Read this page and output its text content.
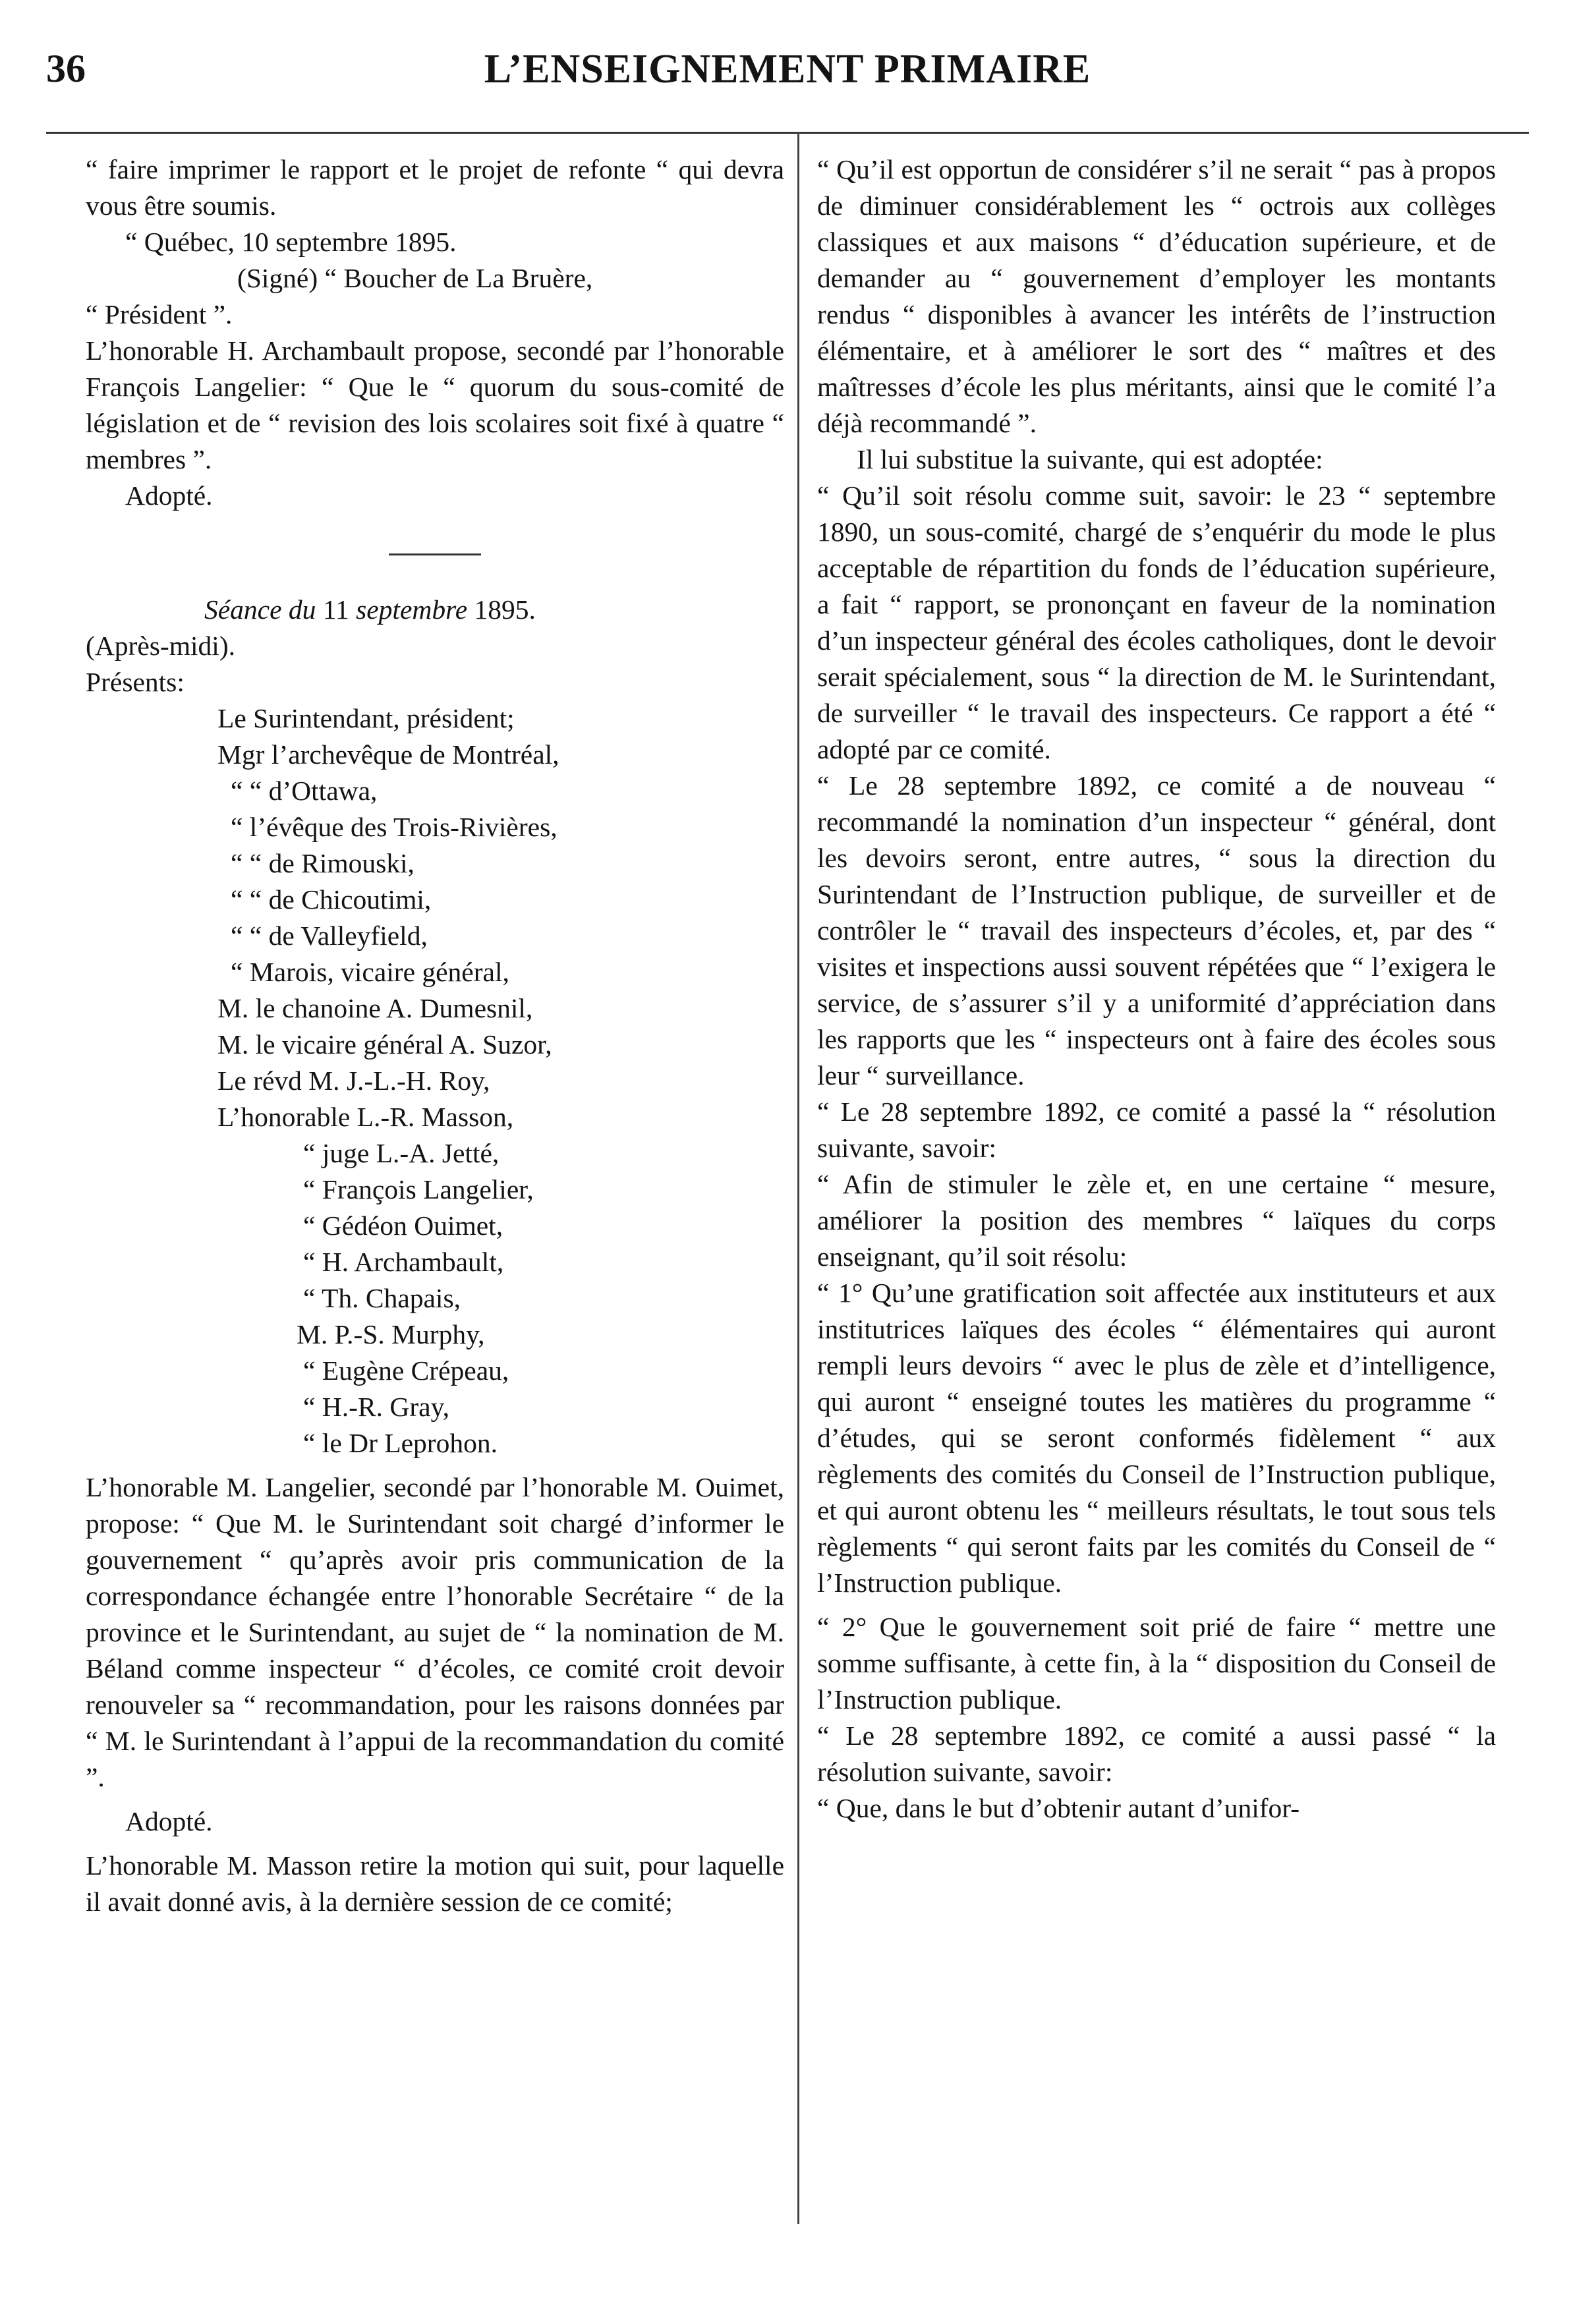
36	L’ENSEIGNEMENT PRIMAIRE

“ faire imprimer le rapport et le projet de refonte “ qui devra vous être soumis.

“ Québec, 10 septembre 1895.

(Signé) “ Boucher de La Bruère,

“ Président ”.

L’honorable H. Archambault propose, secondé par l’honorable François Langelier: “ Que le “ quorum du sous-comité de législation et de “ revision des lois scolaires soit fixé à quatre “ membres ”.

Adopté.

Séance du 11 septembre 1895.

(Après-midi).

Présents:

Le Surintendant, président;
Mgr l’archevêque de Montréal,
“ “ d’Ottawa,
“ l’évêque des Trois-Rivières,
“ “ de Rimouski,
“ “ de Chicoutimi,
“ “ de Valleyfield,
“ Marois, vicaire général,
M. le chanoine A. Dumesnil,
M. le vicaire général A. Suzor,
Le révd M. J.-L.-H. Roy,
L’honorable L.-R. Masson,
“ juge L.-A. Jetté,
“ François Langelier,
“ Gédéon Ouimet,
“ H. Archambault,
“ Th. Chapais,
M. P.-S. Murphy,
“ Eugène Crépeau,
“ H.-R. Gray,
“ le Dr Leprohon.

L’honorable M. Langelier, secondé par l’honorable M. Ouimet, propose: “ Que M. le Surintendant soit chargé d’informer le gouvernement “ qu’après avoir pris communication de la correspondance échangée entre l’honorable Secrétaire “ de la province et le Surintendant, au sujet de “ la nomination de M. Béland comme inspecteur “ d’écoles, ce comité croit devoir renouveler sa “ recommandation, pour les raisons données par “ M. le Surintendant à l’appui de la recommandation du comité ”.

Adopté.

L’honorable M. Masson retire la motion qui suit, pour laquelle il avait donné avis, à la dernière session de ce comité;

“ Qu’il est opportun de considérer s’il ne serait “ pas à propos de diminuer considérablement les “ octrois aux collèges classiques et aux maisons “ d’éducation supérieure, et de demander au “ gouvernement d’employer les montants rendus “ disponibles à avancer les intérêts de l’instruction élémentaire, et à améliorer le sort des “ maîtres et des maîtresses d’école les plus méritants, ainsi que le comité l’a déjà recommandé ”.

Il lui substitue la suivante, qui est adoptée:

“ Qu’il soit résolu comme suit, savoir: le 23 “ septembre 1890, un sous-comité, chargé de s’enquérir du mode le plus acceptable de répartition du fonds de l’éducation supérieure, a fait “ rapport, se prononçant en faveur de la nomination d’un inspecteur général des écoles catholiques, dont le devoir serait spécialement, sous “ la direction de M. le Surintendant, de surveiller “ le travail des inspecteurs. Ce rapport a été “ adopté par ce comité.

“ Le 28 septembre 1892, ce comité a de nouveau “ recommandé la nomination d’un inspecteur “ général, dont les devoirs seront, entre autres, “ sous la direction du Surintendant de l’Instruction publique, de surveiller et de contrôler le “ travail des inspecteurs d’écoles, et, par des “ visites et inspections aussi souvent répétées que “ l’exigera le service, de s’assurer s’il y a uniformité d’appréciation dans les rapports que les “ inspecteurs ont à faire des écoles sous leur “ surveillance.

“ Le 28 septembre 1892, ce comité a passé la “ résolution suivante, savoir:

“ Afin de stimuler le zèle et, en une certaine “ mesure, améliorer la position des membres “ laïques du corps enseignant, qu’il soit résolu:

“ 1° Qu’une gratification soit affectée aux instituteurs et aux institutrices laïques des écoles “ élémentaires qui auront rempli leurs devoirs “ avec le plus de zèle et d’intelligence, qui auront “ enseigné toutes les matières du programme “ d’études, qui se seront conformés fidèlement “ aux règlements des comités du Conseil de l’Instruction publique, et qui auront obtenu les “ meilleurs résultats, le tout sous tels règlements “ qui seront faits par les comités du Conseil de “ l’Instruction publique.

“ 2° Que le gouvernement soit prié de faire “ mettre une somme suffisante, à cette fin, à la “ disposition du Conseil de l’Instruction publique.

“ Le 28 septembre 1892, ce comité a aussi passé “ la résolution suivante, savoir:

“ Que, dans le but d’obtenir autant d’unifor-
